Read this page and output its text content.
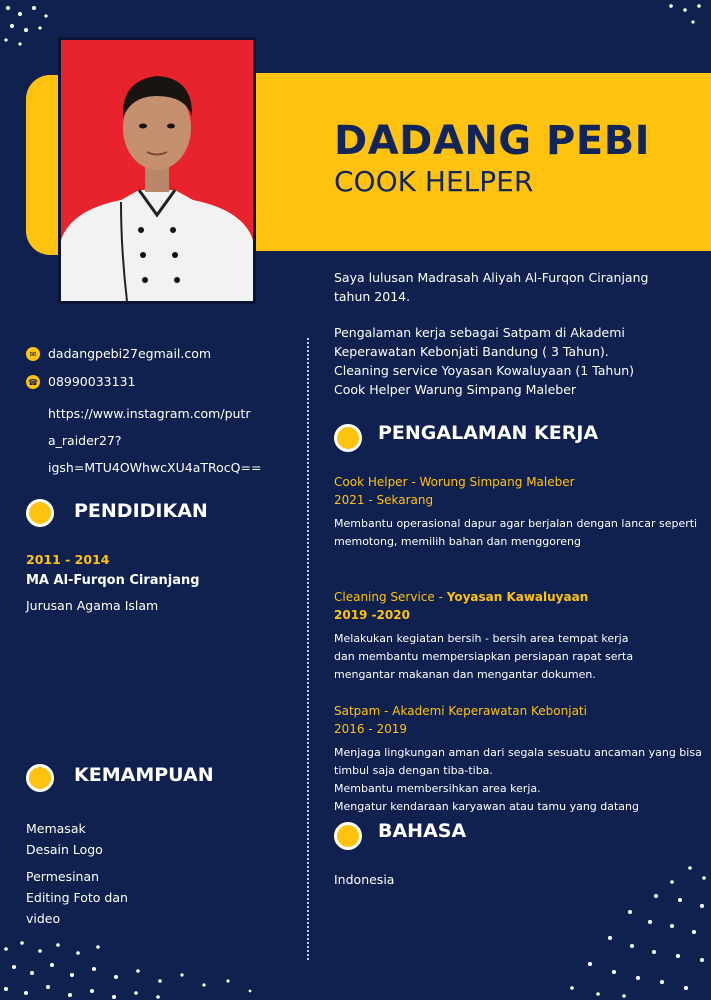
DADANG PEBI
COOK HELPER
Saya lulusan Madrasah Aliyah Al-Furqon Ciranjang
tahun 2014.
Pengalaman kerja sebagai Satpam di Akademi
Keperawatan Kebonjati Bandung ( 3 Tahun).
Cleaning service Yoyasan Kowaluyaan (1 Tahun)
Cook Helper Warung Simpang Maleber
✉ dadangpebi27egmail.com
☎ 08990033131
https://www.instagram.com/putr
a_raider27?
igsh=MTU4OWhwcXU4aTRocQ==
PENDIDIKAN
2011 - 2014
MA Al-Furqon Ciranjang
Jurusan Agama Islam
KEMAMPUAN
Memasak
Desain Logo
Permesinan
Editing Foto dan
video
PENGALAMAN KERJA
Cook Helper - Worung Simpang Maleber
2021 - Sekarang
Membantu operasional dapur agar berjalan dengan lancar seperti
memotong, memilih bahan dan menggoreng
Cleaning Service - Yoyasan Kawaluyaan
2019 -2020
Melakukan kegiatan bersih - bersih area tempat kerja
dan membantu mempersiapkan persiapan rapat serta
mengantar makanan dan mengantar dokumen.
Satpam - Akademi Keperawatan Kebonjati
2016 - 2019
Menjaga lingkungan aman dari segala sesuatu ancaman yang bisa
timbul saja dengan tiba-tiba.
Membantu membersihkan area kerja.
Mengatur kendaraan karyawan atau tamu yang datang
BAHASA
Indonesia
